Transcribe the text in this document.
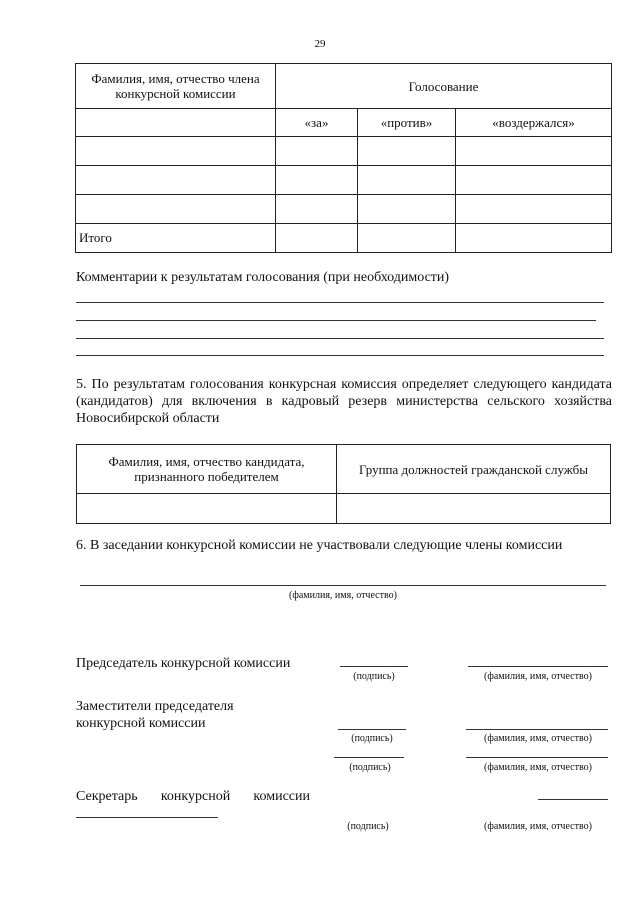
29
Фамилия, имя, отчество члена конкурсной комиссии	Голосование		
	«за»	«против»	«воздержался»

Итого			
Комментарии к результатам голосования (при необходимости)
5. По результатам голосования конкурсная комиссия определяет следующего кандидата (кандидатов) для включения в кадровый резерв министерства сельского хозяйства Новосибирской области
Фамилия, имя, отчество кандидата, признанного победителем	Группа должностей гражданской службы

6. В заседании конкурсной комиссии не участвовали следующие члены комиссии
(фамилия, имя, отчество)
Председатель конкурсной комиссии
(подпись)	(фамилия, имя, отчество)
Заместители председателя конкурсной комиссии
(подпись)	(фамилия, имя, отчество)
(подпись)	(фамилия, имя, отчество)
Секретарь конкурсной комиссии
(подпись)	(фамилия, имя, отчество)
